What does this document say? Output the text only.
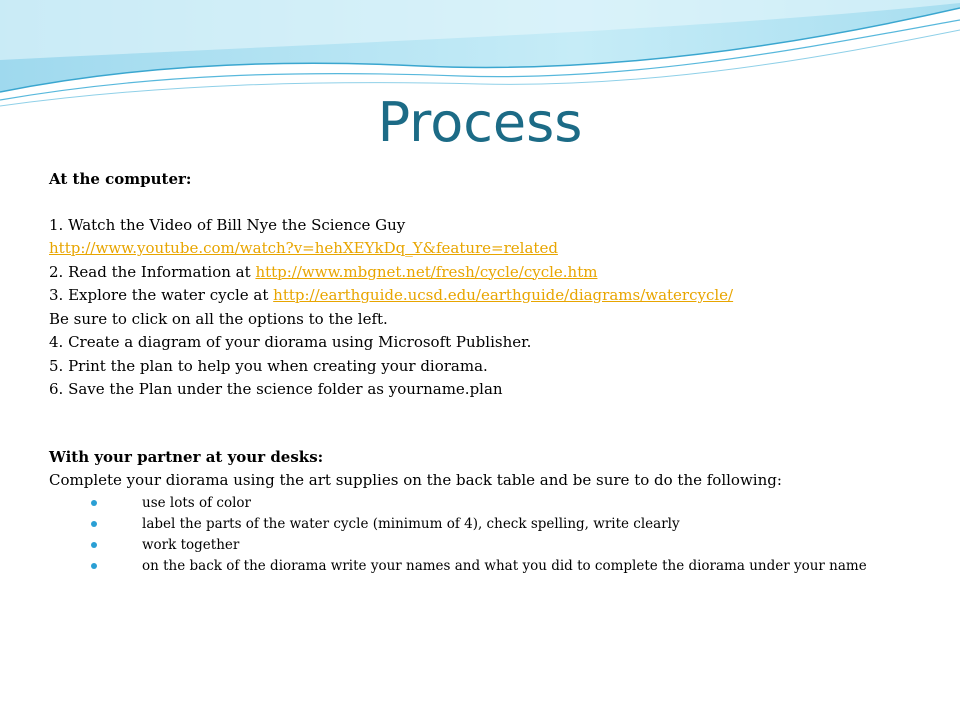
Process
At the computer:
1. Watch the Video of Bill Nye the Science Guy
http://www.youtube.com/watch?v=hehXEYkDq_Y&feature=related
2. Read the Information at http://www.mbgnet.net/fresh/cycle/cycle.htm
3. Explore the water cycle at http://earthguide.ucsd.edu/earthguide/diagrams/watercycle/
Be sure to click on all the options to the left.
4. Create a diagram of your diorama using Microsoft Publisher.
5. Print the plan to help you when creating your diorama.
6. Save the Plan under the science folder as yourname.plan
With your partner at your desks:
Complete your diorama using the art supplies on the back table and be sure to do the following:
use lots of color
label the parts of the water cycle (minimum of 4), check spelling, write clearly
work together
on the back of the diorama write your names and what you did to complete the diorama under your name
